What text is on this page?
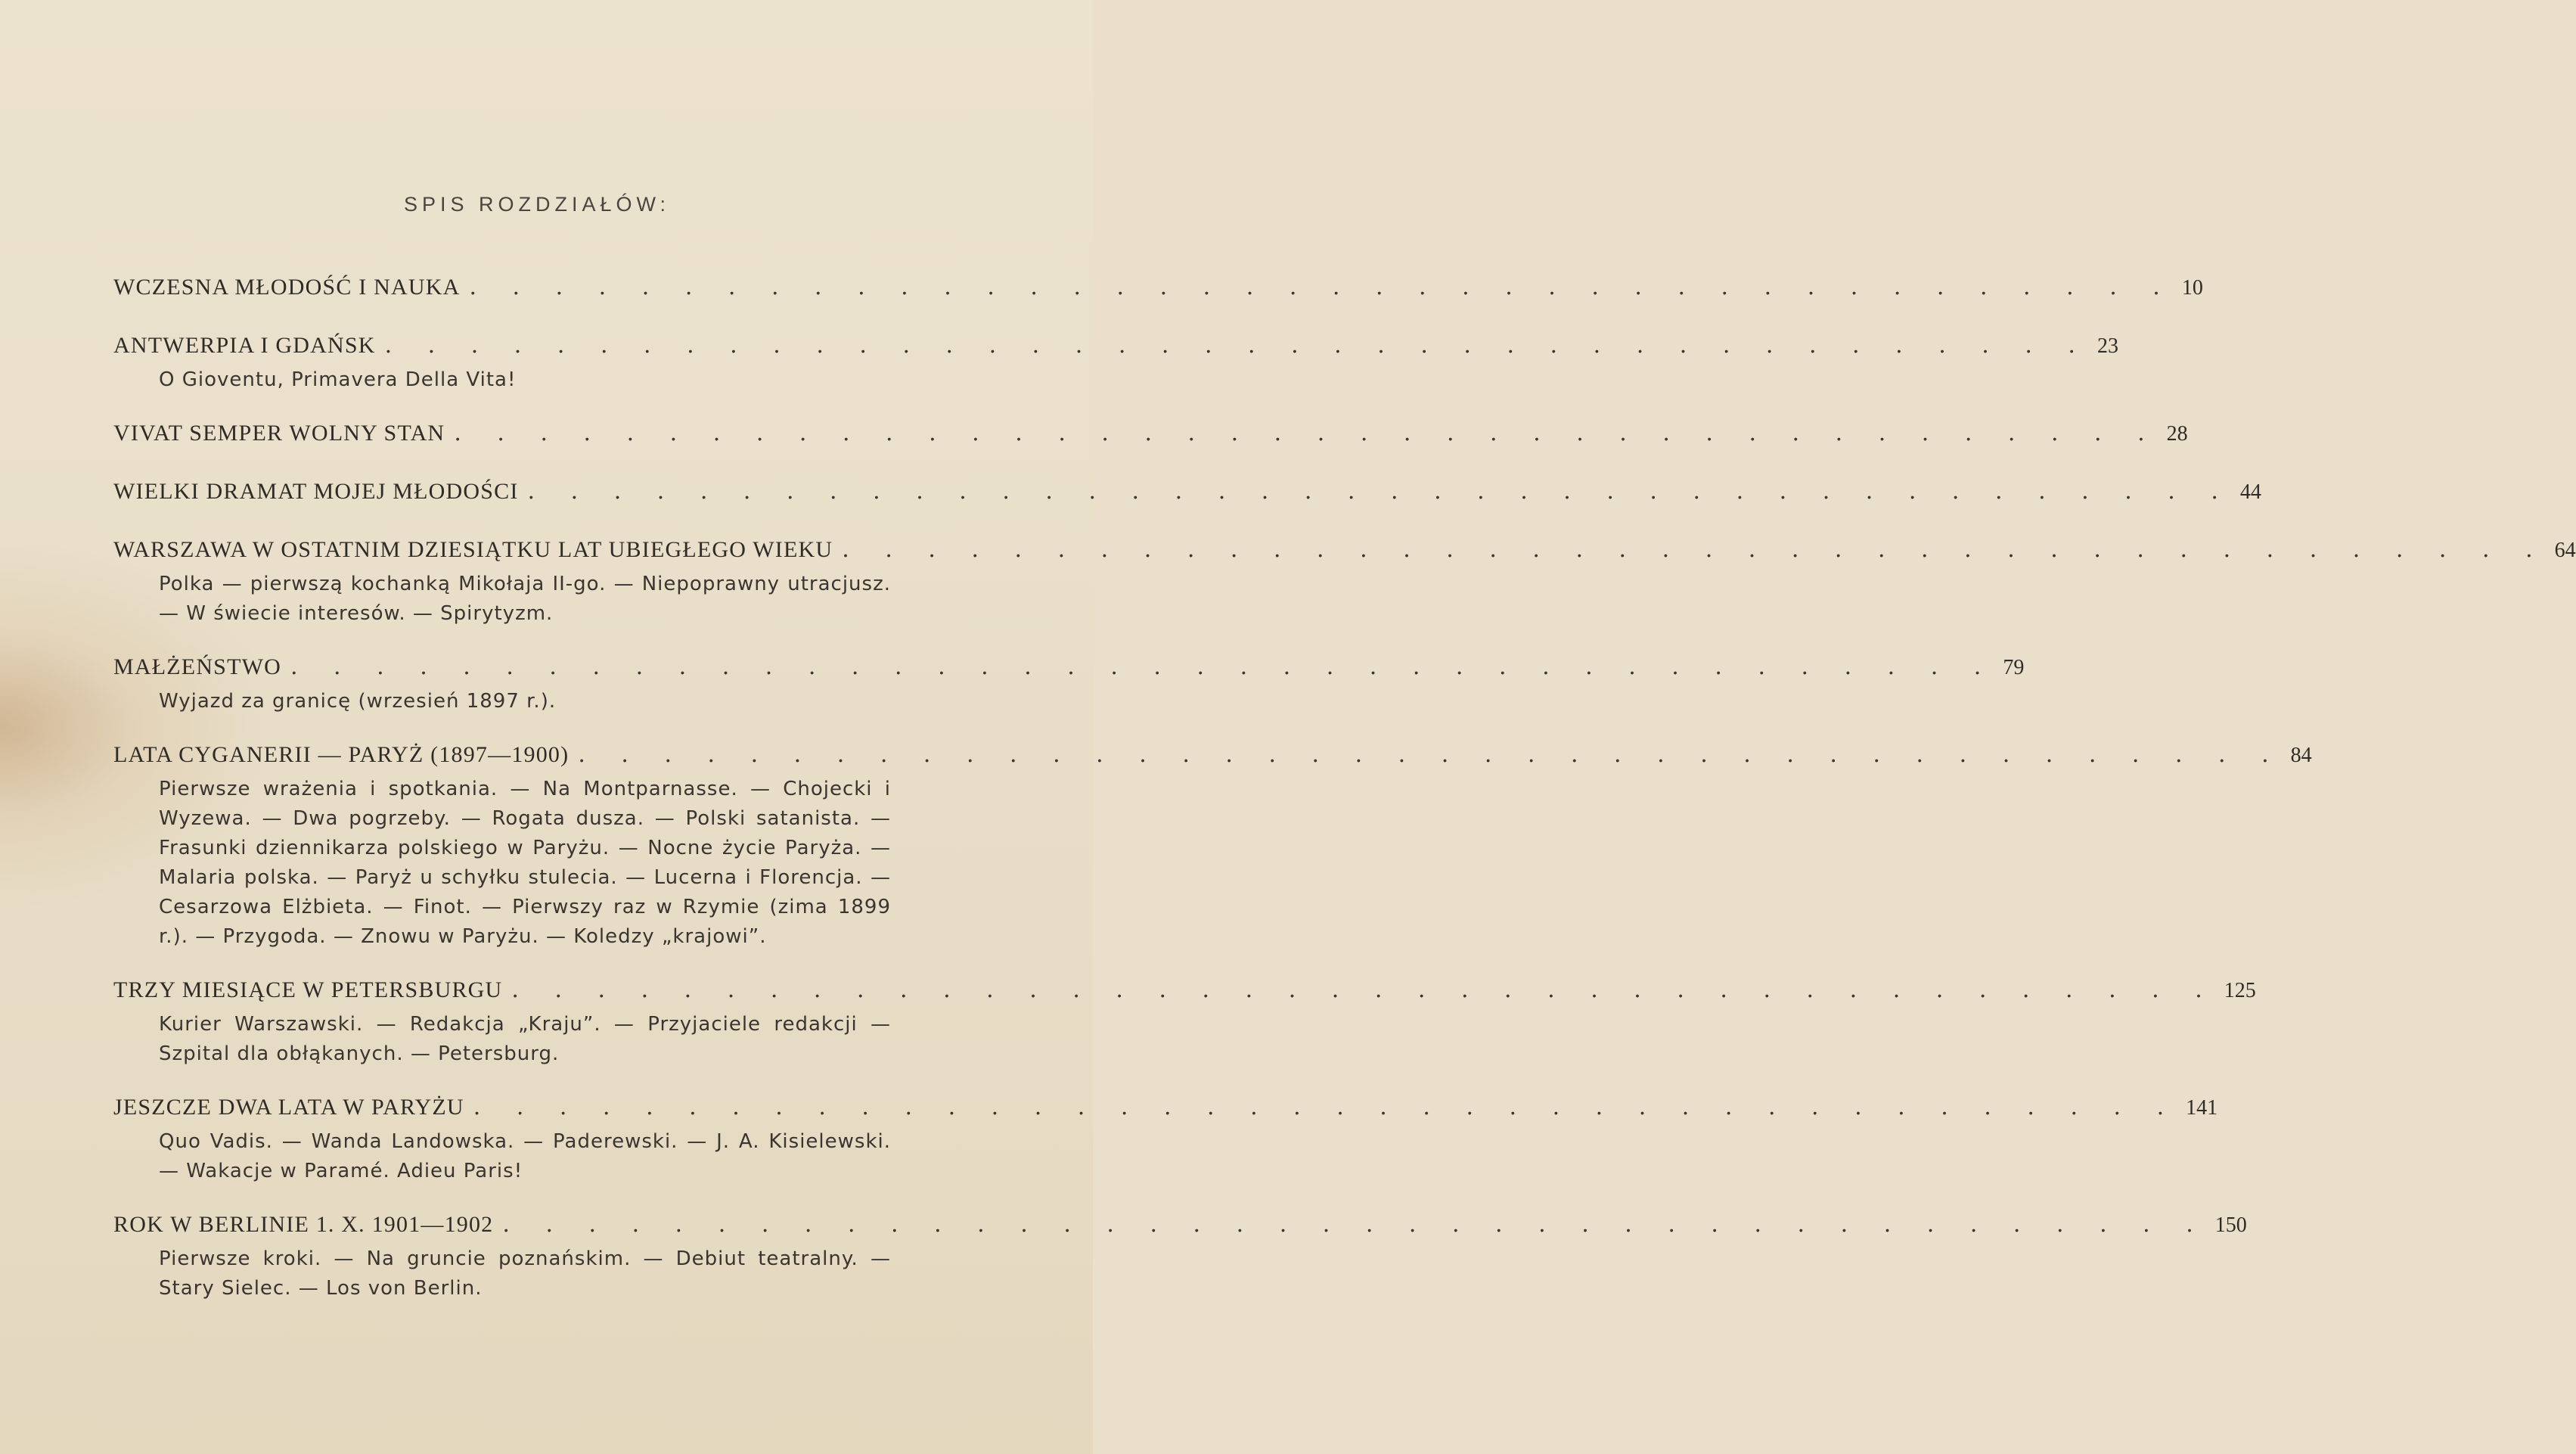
SPIS ROZDZIAŁÓW:
WCZESNA MŁODOŚĆ I NAUKA . . . . . . . . . . . . . . . . . . . . . . . . . . . . . . . . . . . . . . . . 10
ANTWERPIA I GDAŃSK . . . . . . . . . . . . . . . . . . . . . . . . . . . . . . . . . . . . . . . . 23
O Gioventu, Primavera Della Vita!
VIVAT SEMPER WOLNY STAN . . . . . . . . . . . . . . . . . . . . . . . . . . . . . . . . . . . . . . . . 28
WIELKI DRAMAT MOJEJ MŁODOŚCI . . . . . . . . . . . . . . . . . . . . . . . . . . . . . . . . . . . . . . . . 44
WARSZAWA W OSTATNIM DZIESIĄTKU LAT UBIEGŁEGO WIEKU . . . . . . . . . . . . . . . . . . . . . . . . . . . . . . . . . . . . . . . . 64
Polka — pierwszą kochanką Mikołaja II-go. — Niepoprawny utracjusz. — W świecie interesów. — Spirytyzm.
MAŁŻEŃSTWO . . . . . . . . . . . . . . . . . . . . . . . . . . . . . . . . . . . . . . . . 79
Wyjazd za granicę (wrzesień 1897 r.).
LATA CYGANERII — PARYŻ (1897—1900) . . . . . . . . . . . . . . . . . . . . . . . . . . . . . . . . . . . . . . . . 84
Pierwsze wrażenia i spotkania. — Na Montparnasse. — Chojecki i Wyzewa. — Dwa pogrzeby. — Rogata dusza. — Polski satanista. — Frasunki dziennikarza polskiego w Paryżu. — Nocne życie Paryża. — Malaria polska. — Paryż u schyłku stulecia. — Lucerna i Florencja. — Cesarzowa Elżbieta. — Finot. — Pierwszy raz w Rzymie (zima 1899 r.). — Przygoda. — Znowu w Paryżu. — Koledzy „krajowi”.
TRZY MIESIĄCE W PETERSBURGU . . . . . . . . . . . . . . . . . . . . . . . . . . . . . . . . . . . . . . . . 125
Kurier Warszawski. — Redakcja „Kraju”. — Przyjaciele redakcji — Szpital dla obłąkanych. — Petersburg.
JESZCZE DWA LATA W PARYŻU . . . . . . . . . . . . . . . . . . . . . . . . . . . . . . . . . . . . . . . . 141
Quo Vadis. — Wanda Landowska. — Paderewski. — J. A. Kisielewski. — Wakacje w Paramé. Adieu Paris!
ROK W BERLINIE 1. X. 1901—1902 . . . . . . . . . . . . . . . . . . . . . . . . . . . . . . . . . . . . . . . . 150
Pierwsze kroki. — Na gruncie poznańskim. — Debiut teatralny. — Stary Sielec. — Los von Berlin.
